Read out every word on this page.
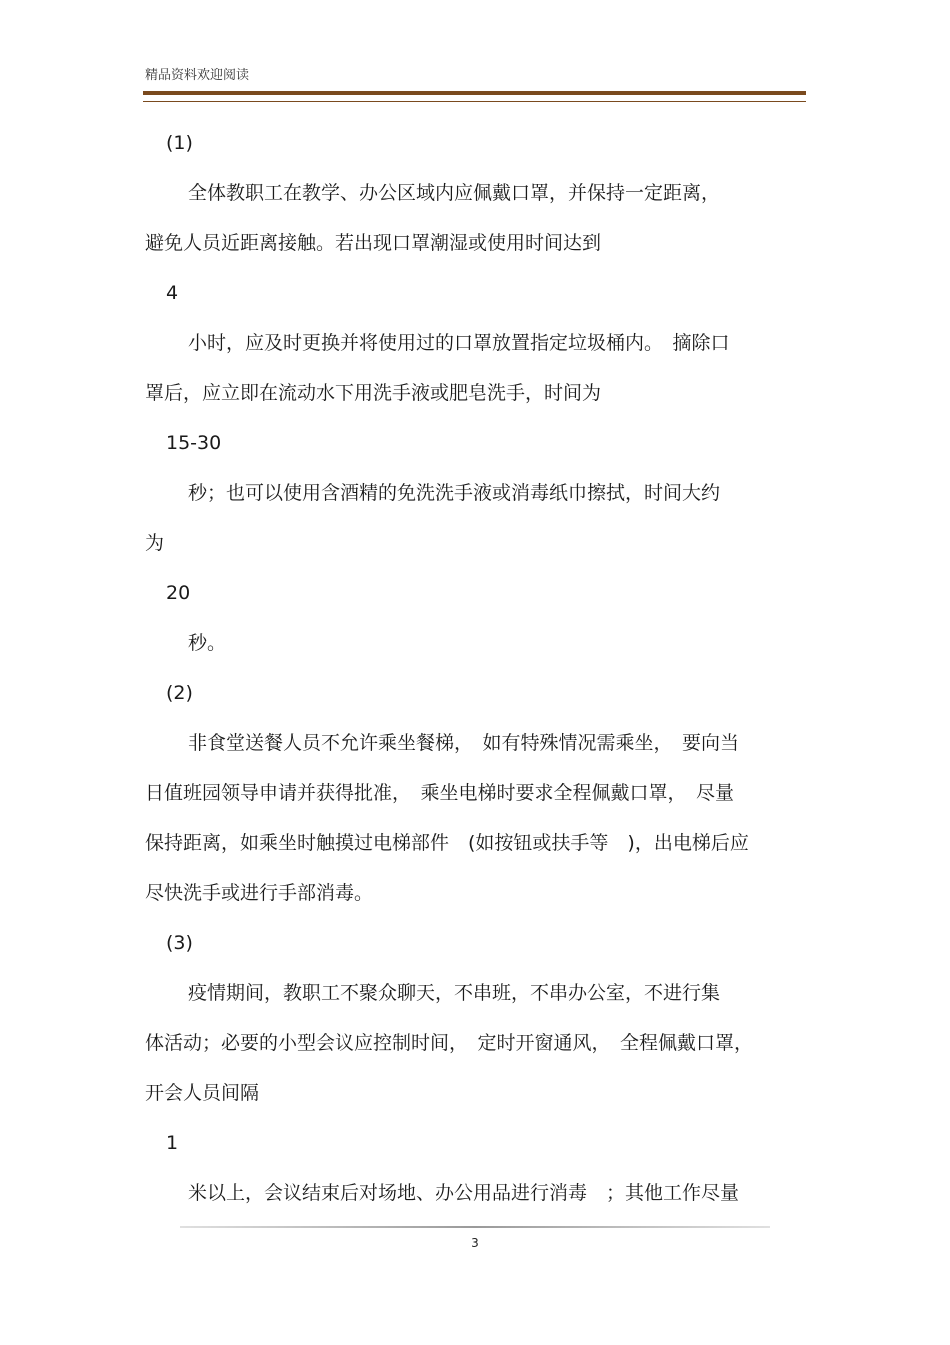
精品资料欢迎阅读
(1)
全体教职工在教学、办公区域内应佩戴口罩，并保持一定距离，
避免人员近距离接触。若出现口罩潮湿或使用时间达到
4
小时，应及时更换并将使用过的口罩放置指定垃圾桶内。　摘除口
罩后，应立即在流动水下用洗手液或肥皂洗手，时间为
15-30
秒；也可以使用含酒精的免洗洗手液或消毒纸巾擦拭，时间大约
为
20
秒。
(2)
非食堂送餐人员不允许乘坐餐梯，　如有特殊情况需乘坐，　要向当
日值班园领导申请并获得批准，　乘坐电梯时要求全程佩戴口罩，　尽量
保持距离，如乘坐时触摸过电梯部件　(如按钮或扶手等　)，出电梯后应
尽快洗手或进行手部消毒。
(3)
疫情期间，教职工不聚众聊天，不串班，不串办公室，不进行集
体活动；必要的小型会议应控制时间，　定时开窗通风，　全程佩戴口罩，
开会人员间隔
1
米以上，会议结束后对场地、办公用品进行消毒　；其他工作尽量
3
